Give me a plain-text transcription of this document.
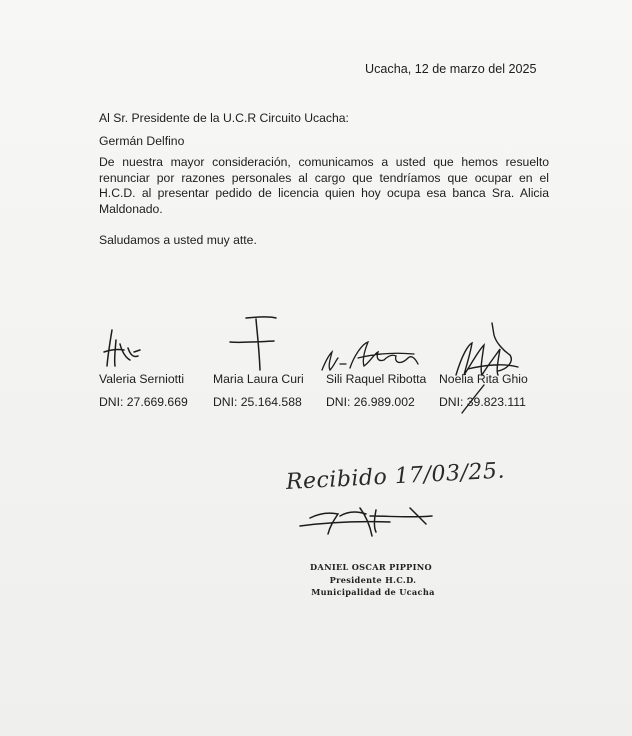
Ucacha, 12 de marzo del 2025
Al Sr. Presidente de la U.C.R Circuito Ucacha:
Germán Delfino
De nuestra mayor consideración, comunicamos a usted que hemos resuelto renunciar por razones personales al cargo que tendríamos que ocupar en el H.C.D. al presentar pedido de licencia quien hoy ocupa esa banca Sra. Alicia Maldonado.
Saludamos a usted muy atte.
Valeria Serniotti Maria Laura Curi Sili Raquel Ribotta Noelia Rita Ghio
DNI: 27.669.669 DNI: 25.164.588 DNI: 26.989.002 DNI: 39.823.111
Recibido 17/03/25.
DANIEL OSCAR PIPPINO
Presidente H.C.D.
Municipalidad de Ucacha
